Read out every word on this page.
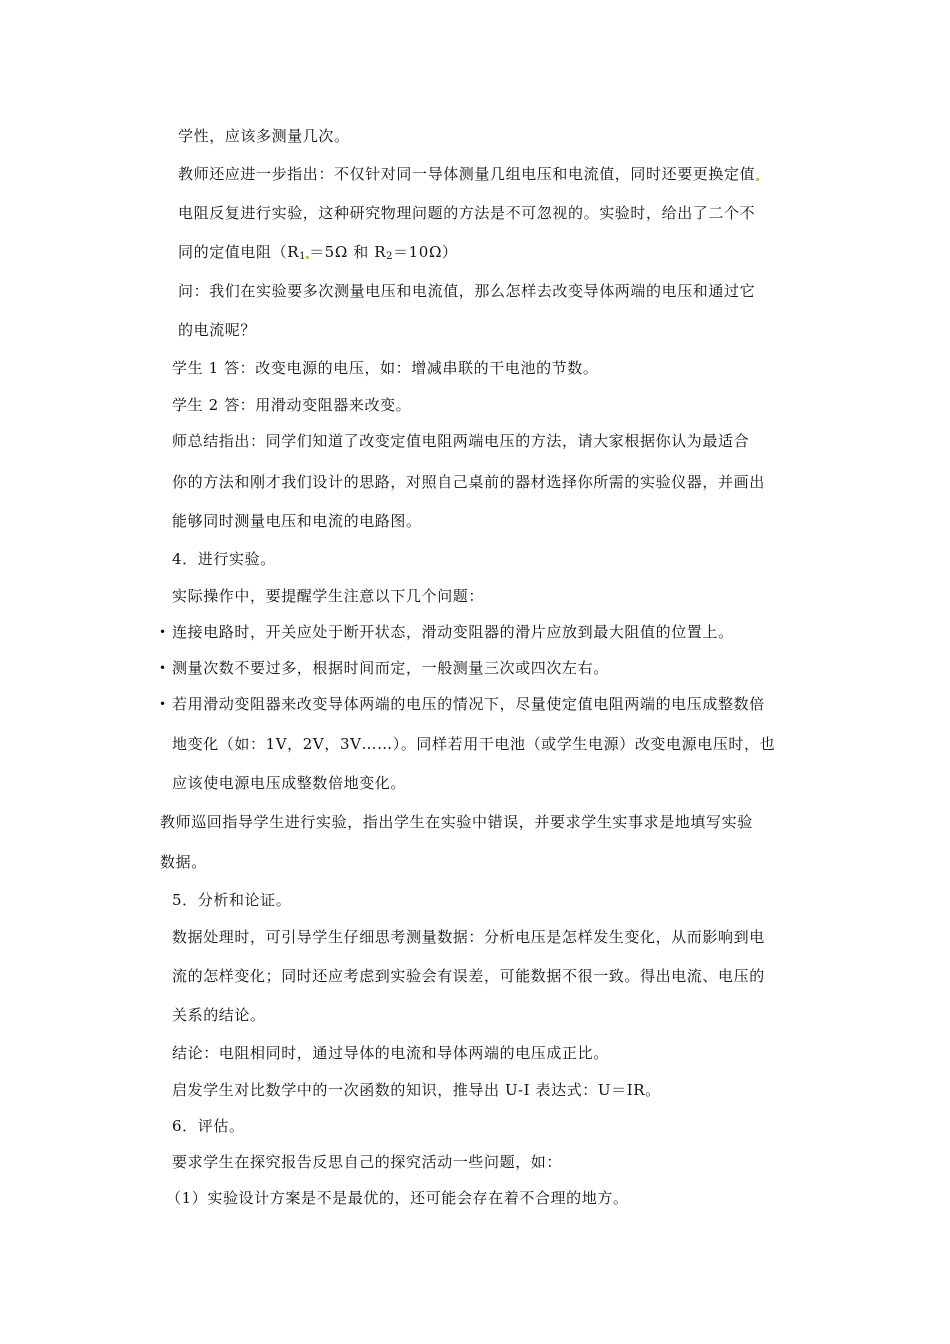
学性，应该多测量几次。
教师还应进一步指出：不仅针对同一导体测量几组电压和电流值，同时还要更换定值
电阻反复进行实验，这种研究物理问题的方法是不可忽视的。实验时，给出了二个不
同的定值电阻（$R_1 =5\Omega$ 和 $R_2=10\Omega$）
问：我们在实验要多次测量电压和电流值，那么怎样去改变导体两端的电压和通过它
的电流呢？
学生 1 答：改变电源的电压，如：增减串联的干电池的节数。
学生 2 答：用滑动变阻器来改变。
师总结指出：同学们知道了改变定值电阻两端电压的方法，请大家根据你认为最适合
你的方法和刚才我们设计的思路，对照自己桌前的器材选择你所需的实验仪器，并画出
能够同时测量电压和电流的电路图。
4．进行实验。
实际操作中，要提醒学生注意以下几个问题：
• 连接电路时，开关应处于断开状态，滑动变阻器的滑片应放到最大阻值的位置上。
• 测量次数不要过多，根据时间而定，一般测量三次或四次左右。
• 若用滑动变阻器来改变导体两端的电压的情况下，尽量使定值电阻两端的电压成整数倍
地变化（如：1V，2V，3V……）。同样若用干电池（或学生电源）改变电源电压时，也
应该使电源电压成整数倍地变化。
教师巡回指导学生进行实验，指出学生在实验中错误，并要求学生实事求是地填写实验
数据。
5．分析和论证。
数据处理时，可引导学生仔细思考测量数据：分析电压是怎样发生变化，从而影响到电
流的怎样变化；同时还应考虑到实验会有误差，可能数据不很一致。得出电流、电压的
关系的结论。
结论：电阻相同时，通过导体的电流和导体两端的电压成正比。
启发学生对比数学中的一次函数的知识，推导出 U-I 表达式：U＝IR。
6．评估。
要求学生在探究报告反思自己的探究活动一些问题，如：
（1）实验设计方案是不是最优的，还可能会存在着不合理的地方。
